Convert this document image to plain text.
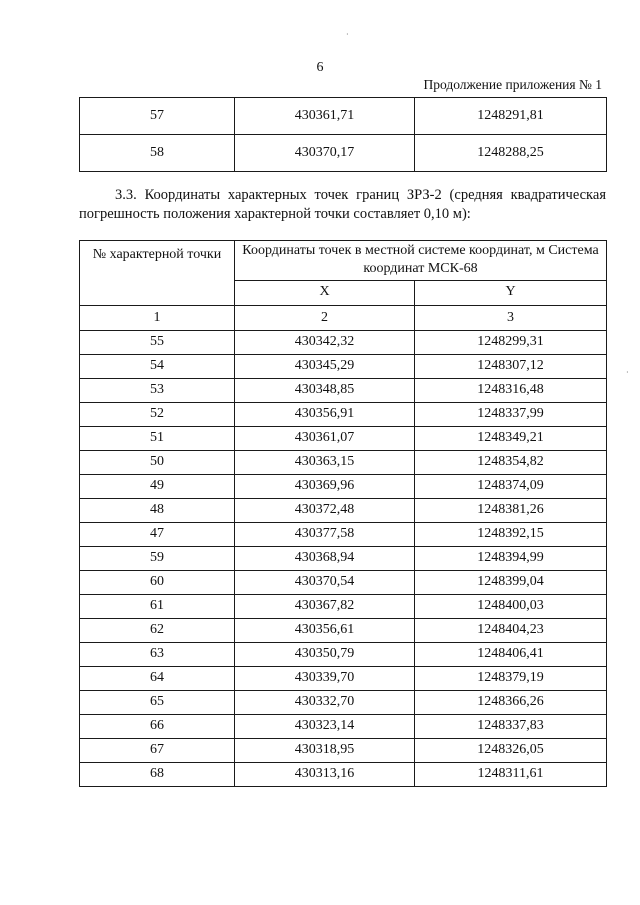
·
·
6
Продолжение приложения № 1
57	430361,71	1248291,81
58	430370,17	1248288,25
3.3. Координаты характерных точек границ ЗРЗ-2 (средняя квадратическая погрешность положения характерной точки составляет 0,10 м):
№ характерной точки	Координаты точек в местной системе координат, м Система координат МСК-68	
	X	Y
1	2	3
55	430342,32	1248299,31
54	430345,29	1248307,12
53	430348,85	1248316,48
52	430356,91	1248337,99
51	430361,07	1248349,21
50	430363,15	1248354,82
49	430369,96	1248374,09
48	430372,48	1248381,26
47	430377,58	1248392,15
59	430368,94	1248394,99
60	430370,54	1248399,04
61	430367,82	1248400,03
62	430356,61	1248404,23
63	430350,79	1248406,41
64	430339,70	1248379,19
65	430332,70	1248366,26
66	430323,14	1248337,83
67	430318,95	1248326,05
68	430313,16	1248311,61
